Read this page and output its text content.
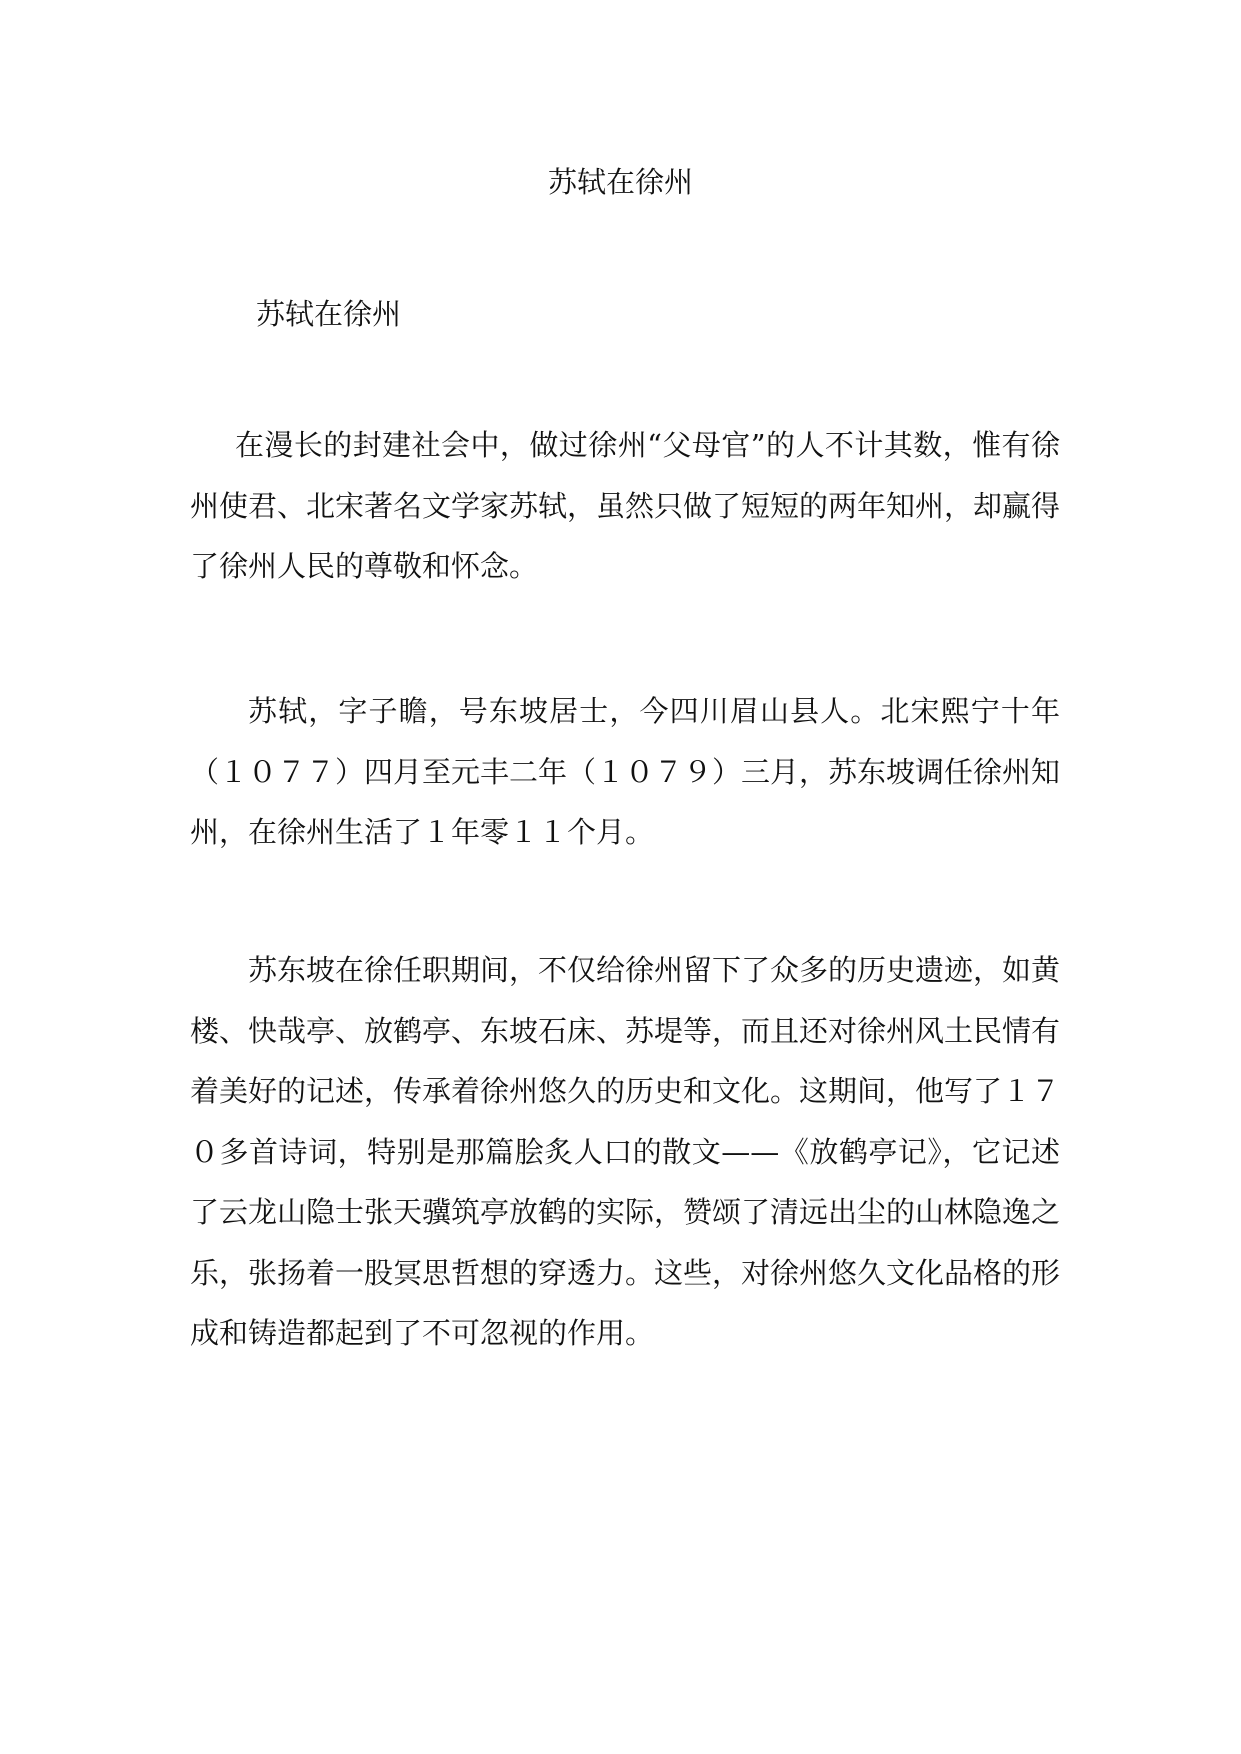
苏轼在徐州

苏轼在徐州

在漫长的封建社会中，做过徐州“父母官”的人不计其数，惟有徐州使君、北宋著名文学家苏轼，虽然只做了短短的两年知州，却赢得了徐州人民的尊敬和怀念。

苏轼，字子瞻，号东坡居士，今四川眉山县人。北宋熙宁十年（１０７７）四月至元丰二年（１０７９）三月，苏东坡调任徐州知州，在徐州生活了１年零１１个月。

苏东坡在徐任职期间，不仅给徐州留下了众多的历史遗迹，如黄楼、快哉亭、放鹤亭、东坡石床、苏堤等，而且还对徐州风土民情有着美好的记述，传承着徐州悠久的历史和文化。这期间，他写了１７０多首诗词，特别是那篇脍炙人口的散文——《放鹤亭记》，它记述了云龙山隐士张天骥筑亭放鹤的实际，赞颂了清远出尘的山林隐逸之乐，张扬着一股冥思哲想的穿透力。这些，对徐州悠久文化品格的形成和铸造都起到了不可忽视的作用。
